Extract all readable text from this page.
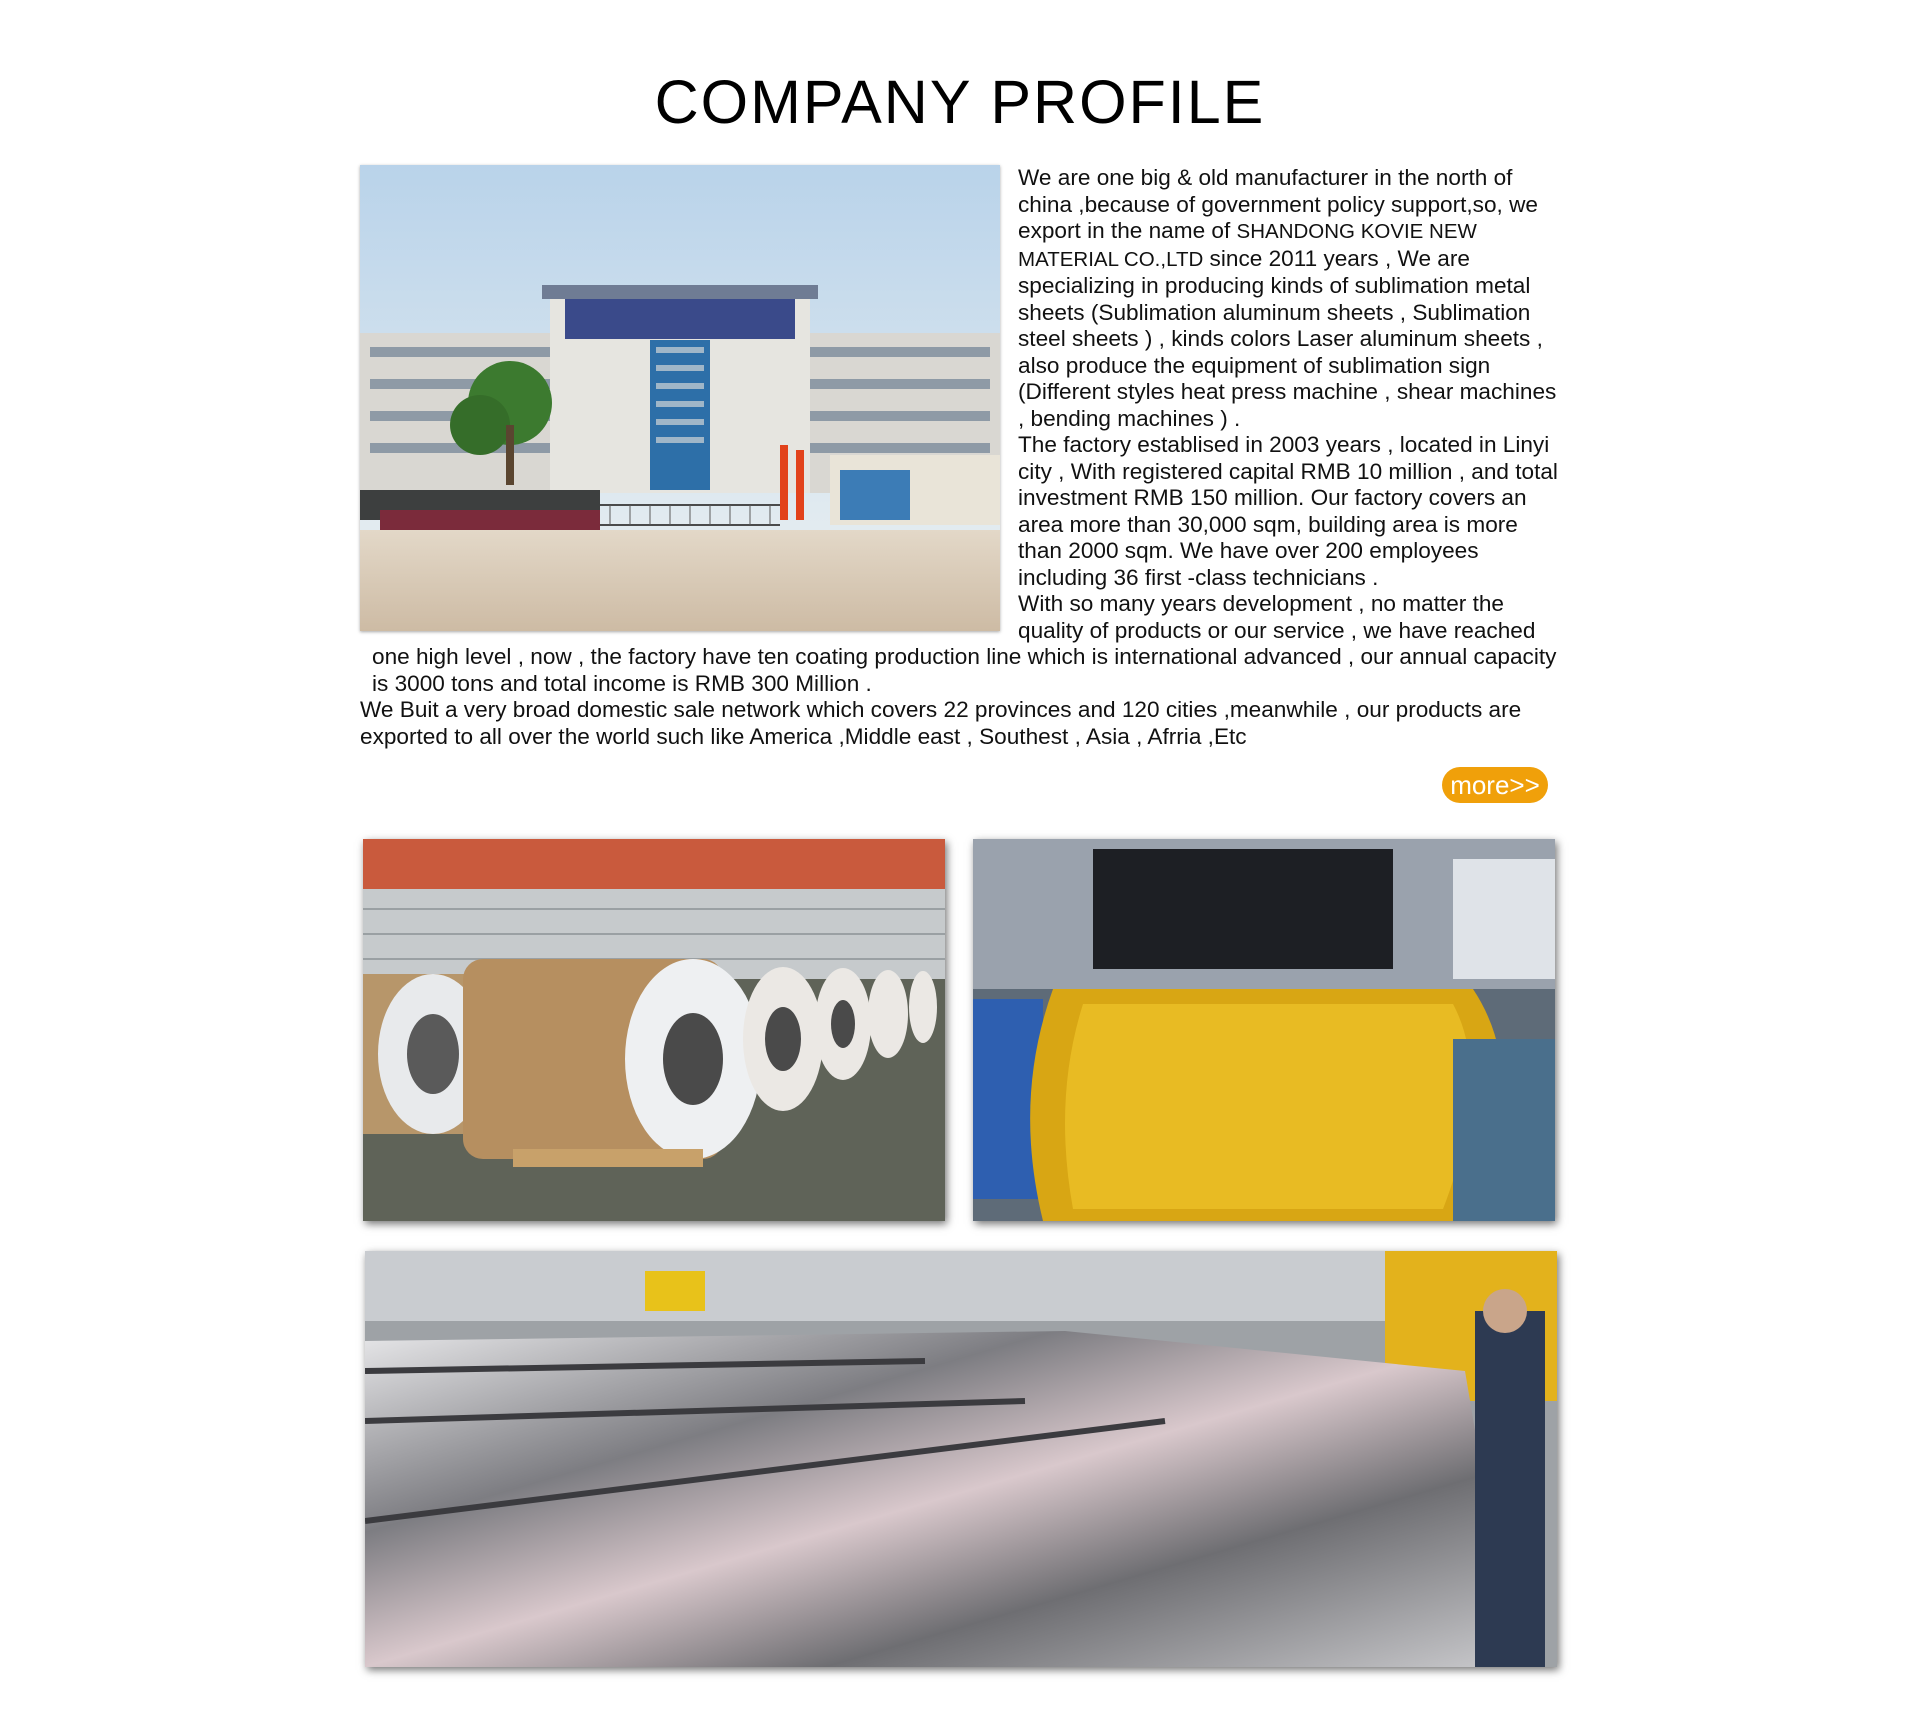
COMPANY PROFILE

We are one big & old manufacturer in the north of china ,because of government policy support,so, we export in the name of SHANDONG KOVIE NEW MATERIAL CO.,LTD since 2011 years , We are specializing in producing kinds of sublimation metal sheets (Sublimation aluminum sheets , Sublimation steel sheets ) , kinds colors Laser aluminum sheets , also produce the equipment of sublimation sign (Different styles heat press machine , shear machines , bending machines ) .

The factory establised in 2003 years , located in Linyi city , With registered capital RMB 10 million , and total investment RMB 150 million. Our factory covers an area more than 30,000 sqm, building area is more than 2000 sqm. We have over 200 employees including 36 first -class technicians .

With so many years development , no matter the quality of products or our service , we have reached one high level , now , the factory have ten coating production line which is international advanced , our annual capacity is 3000 tons and total income is RMB 300 Million .

We Buit a very broad domestic sale network which covers 22 provinces and 120 cities ,meanwhile , our products are exported to all over the world such like America ,Middle east , Southest , Asia , Afrria ,Etc

more>>
